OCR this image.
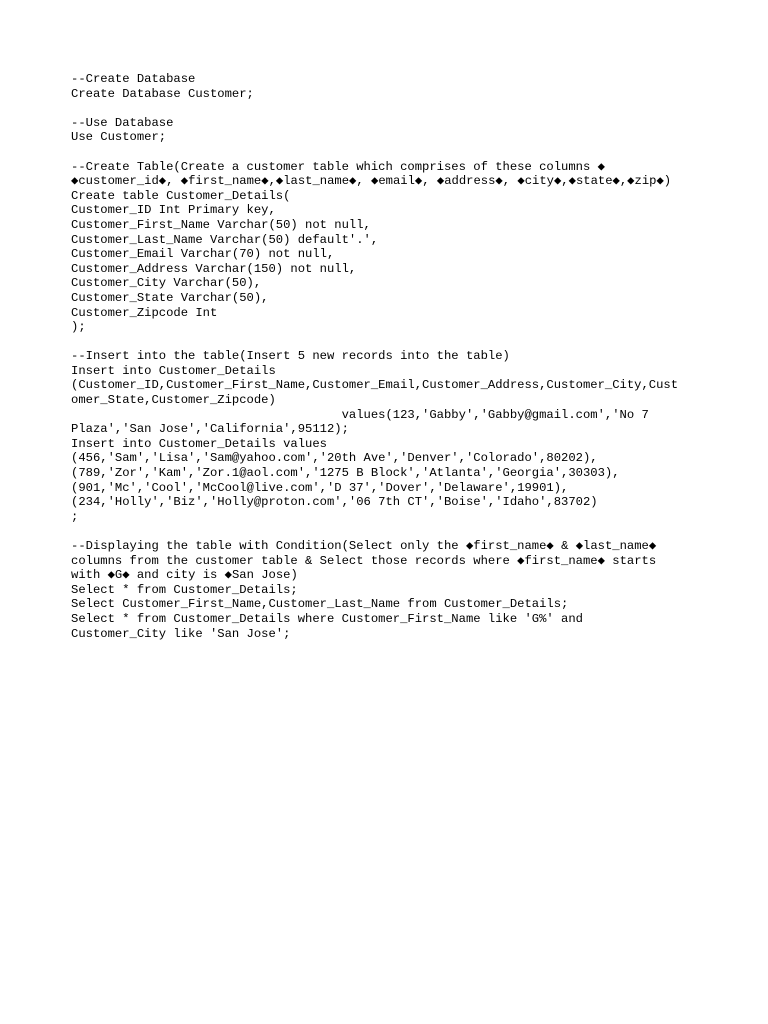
--Create Database
Create Database Customer;
--Use Database
Use Customer;
--Create Table(Create a customer table which comprises of these columns ◆
◆customer_id◆, ◆first_name◆,◆last_name◆, ◆email◆, ◆address◆, ◆city◆,◆state◆,◆zip◆)
Create table Customer_Details(
Customer_ID Int Primary key,
Customer_First_Name Varchar(50) not null,
Customer_Last_Name Varchar(50) default'.',
Customer_Email Varchar(70) not null,
Customer_Address Varchar(150) not null,
Customer_City Varchar(50),
Customer_State Varchar(50),
Customer_Zipcode Int
);
--Insert into the table(Insert 5 new records into the table)
Insert into Customer_Details
(Customer_ID,Customer_First_Name,Customer_Email,Customer_Address,Customer_City,Cust
omer_State,Customer_Zipcode)
values(123,'Gabby','Gabby@gmail.com','No 7
Plaza','San Jose','California',95112);
Insert into Customer_Details values
(456,'Sam','Lisa','Sam@yahoo.com','20th Ave','Denver','Colorado',80202),
(789,'Zor','Kam','Zor.1@aol.com','1275 B Block','Atlanta','Georgia',30303),
(901,'Mc','Cool','McCool@live.com','D 37','Dover','Delaware',19901),
(234,'Holly','Biz','Holly@proton.com','06 7th CT','Boise','Idaho',83702)
;
--Displaying the table with Condition(Select only the ◆first_name◆ & ◆last_name◆
columns from the customer table & Select those records where ◆first_name◆ starts
with ◆G◆ and city is ◆San Jose)
Select * from Customer_Details;
Select Customer_First_Name,Customer_Last_Name from Customer_Details;
Select * from Customer_Details where Customer_First_Name like 'G%' and
Customer_City like 'San Jose';
